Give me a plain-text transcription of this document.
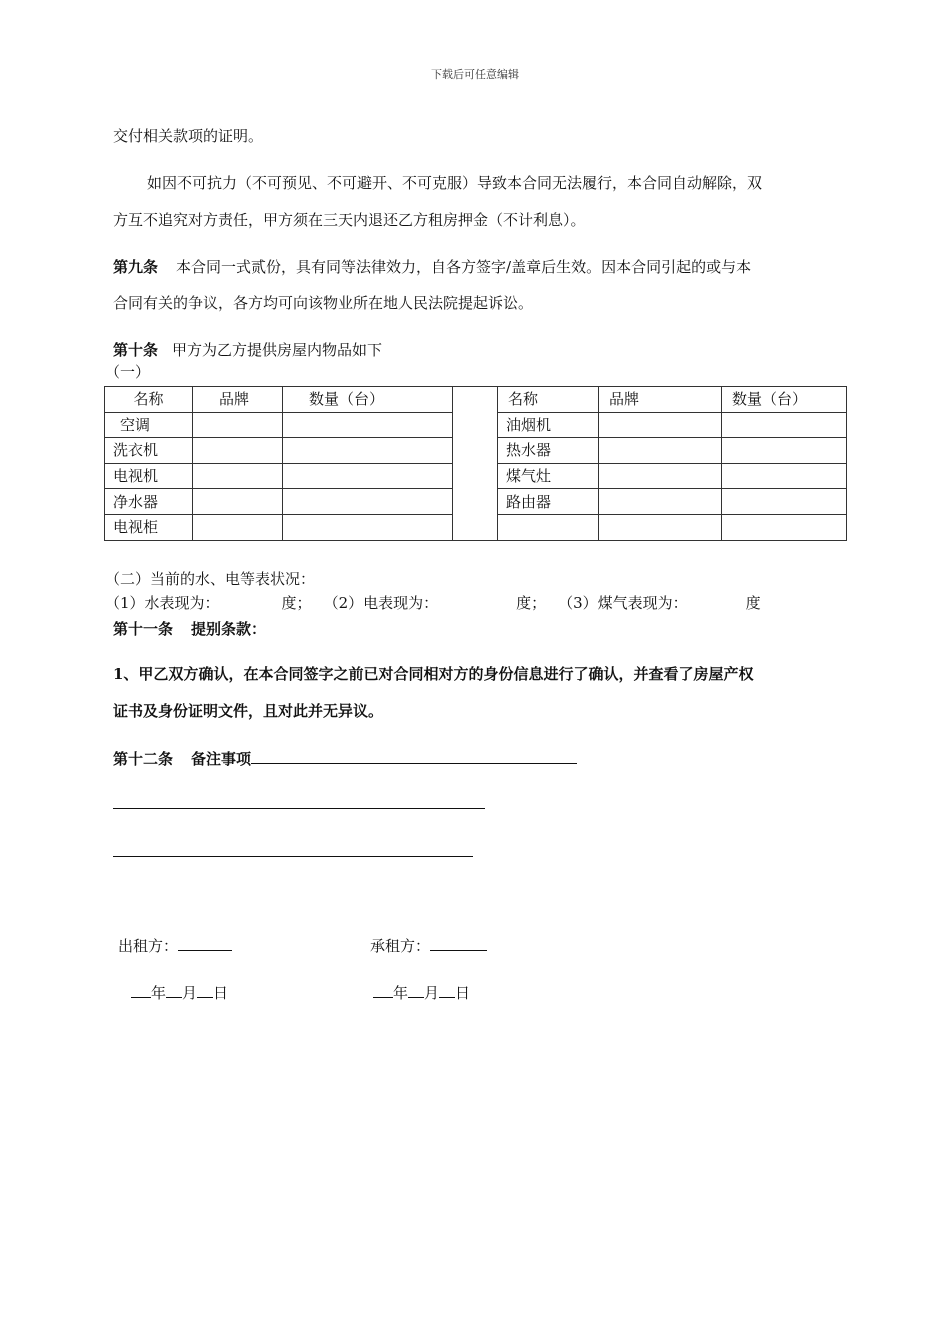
下载后可任意编辑
交付相关款项的证明。
如因不可抗力（不可预见、不可避开、不可克服）导致本合同无法履行，本合同自动解除，双
方互不追究对方责任，甲方须在三天内退还乙方租房押金（不计利息）。
第九条 本合同一式贰份，具有同等法律效力，自各方签字/盖章后生效。因本合同引起的或与本
合同有关的争议，各方均可向该物业所在地人民法院提起诉讼。
第十条 甲方为乙方提供房屋内物品如下
（一）
名称	品牌	数量（台）		名称	品牌	数量（台）
空调				油烟机		
洗衣机				热水器		
电视机				煤气灶		
净水器				路由器		
电视柜						
（二）当前的水、电等表状况：
（1）水表现为：	度； （2）电表现为：	度； （3）煤气表现为：	度
第十一条 提别条款：
1、甲乙双方确认，在本合同签字之前已对合同相对方的身份信息进行了确认，并查看了房屋产权
证书及身份证明文件，且对此并无异议。
第十二条 备注事项
出租方：	承租方：
年 月 日	年 月 日
